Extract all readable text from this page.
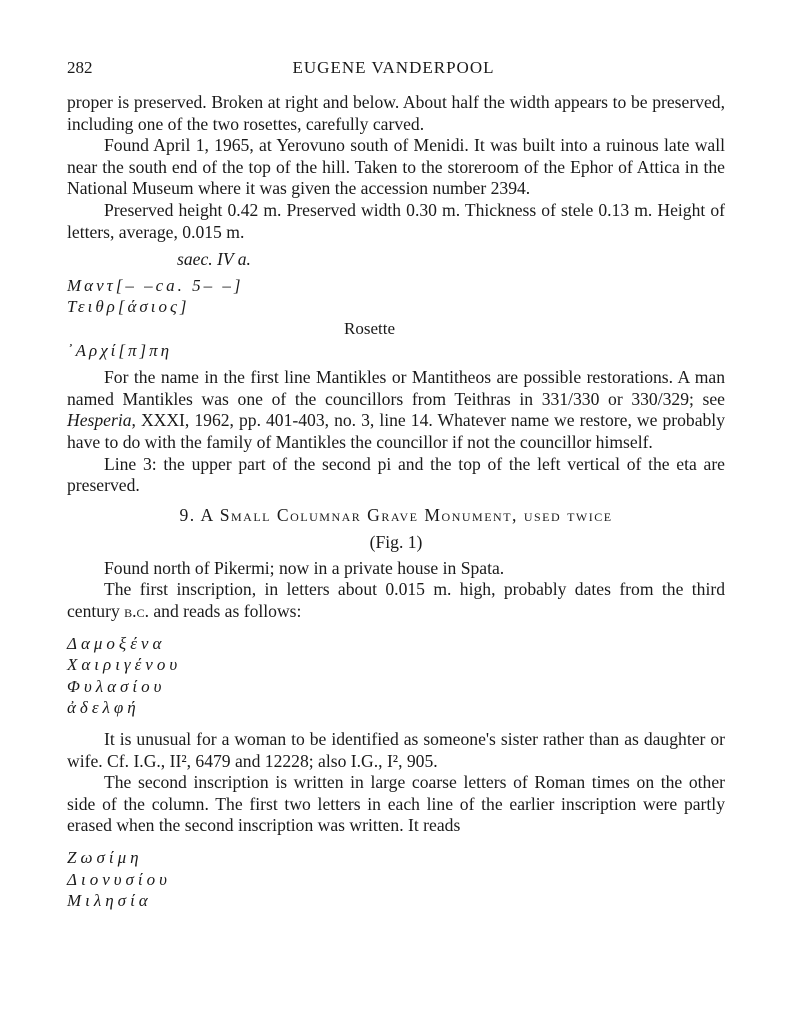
282	EUGENE VANDERPOOL

proper is preserved. Broken at right and below. About half the width appears to be preserved, including one of the two rosettes, carefully carved.

Found April 1, 1965, at Yerovuno south of Menidi. It was built into a ruinous late wall near the south end of the top of the hill. Taken to the storeroom of the Ephor of Attica in the National Museum where it was given the accession number 2394.

Preserved height 0.42 m. Preserved width 0.30 m. Thickness of stele 0.13 m. Height of letters, average, 0.015 m.

saec. IV a.
Μαντ[– –ca. 5– –]
Τειθρ[άσιος]
Rosette
᾿Αρχί[π]πη

For the name in the first line Mantikles or Mantitheos are possible restorations. A man named Mantikles was one of the councillors from Teithras in 331/330 or 330/329; see Hesperia, XXXI, 1962, pp. 401-403, no. 3, line 14. Whatever name we restore, we probably have to do with the family of Mantikles the councillor if not the councillor himself.

Line 3: the upper part of the second pi and the top of the left vertical of the eta are preserved.

9. A Small Columnar Grave Monument, used twice
(Fig. 1)

Found north of Pikermi; now in a private house in Spata.

The first inscription, in letters about 0.015 m. high, probably dates from the third century b.c. and reads as follows:

Δαμοξένα
Χαιριγένου
Φυλασίου
ἀδελφή

It is unusual for a woman to be identified as someone's sister rather than as daughter or wife. Cf. I.G., II², 6479 and 12228; also I.G., I², 905.

The second inscription is written in large coarse letters of Roman times on the other side of the column. The first two letters in each line of the earlier inscription were partly erased when the second inscription was written. It reads

Ζωσίμη
Διονυσίου
Μιλησία
